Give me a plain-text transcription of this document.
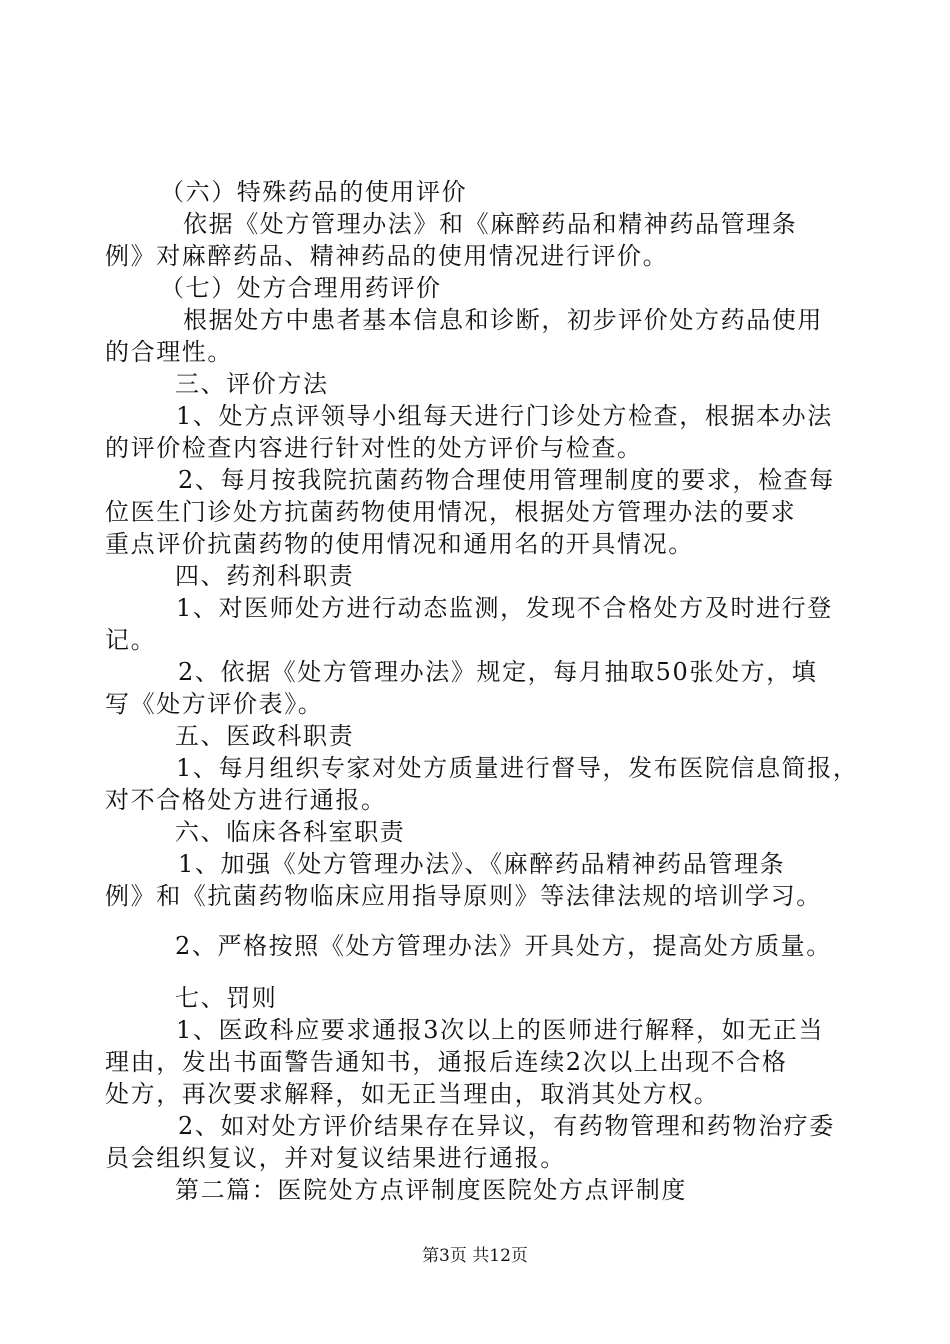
（六）特殊药品的使用评价
依据《处方管理办法》和《麻醉药品和精神药品管理条
例》对麻醉药品、精神药品的使用情况进行评价。
（七）处方合理用药评价
根据处方中患者基本信息和诊断，初步评价处方药品使用
的合理性。
三、评价方法
1、处方点评领导小组每天进行门诊处方检查，根据本办法
的评价检查内容进行针对性的处方评价与检查。
2、每月按我院抗菌药物合理使用管理制度的要求，检查每
位医生门诊处方抗菌药物使用情况，根据处方管理办法的要求
重点评价抗菌药物的使用情况和通用名的开具情况。
四、药剂科职责
1、对医师处方进行动态监测，发现不合格处方及时进行登
记。
2、依据《处方管理办法》规定，每月抽取50张处方，填
写《处方评价表》。
五、医政科职责
1、每月组织专家对处方质量进行督导，发布医院信息简报，
对不合格处方进行通报。
六、临床各科室职责
1、加强《处方管理办法》、《麻醉药品精神药品管理条
例》和《抗菌药物临床应用指导原则》等法律法规的培训学习。
2、严格按照《处方管理办法》开具处方，提高处方质量。
七、罚则
1、医政科应要求通报3次以上的医师进行解释，如无正当
理由，发出书面警告通知书，通报后连续2次以上出现不合格
处方，再次要求解释，如无正当理由，取消其处方权。
2、如对处方评价结果存在异议，有药物管理和药物治疗委
员会组织复议，并对复议结果进行通报。
第二篇：医院处方点评制度医院处方点评制度
第3页 共12页
